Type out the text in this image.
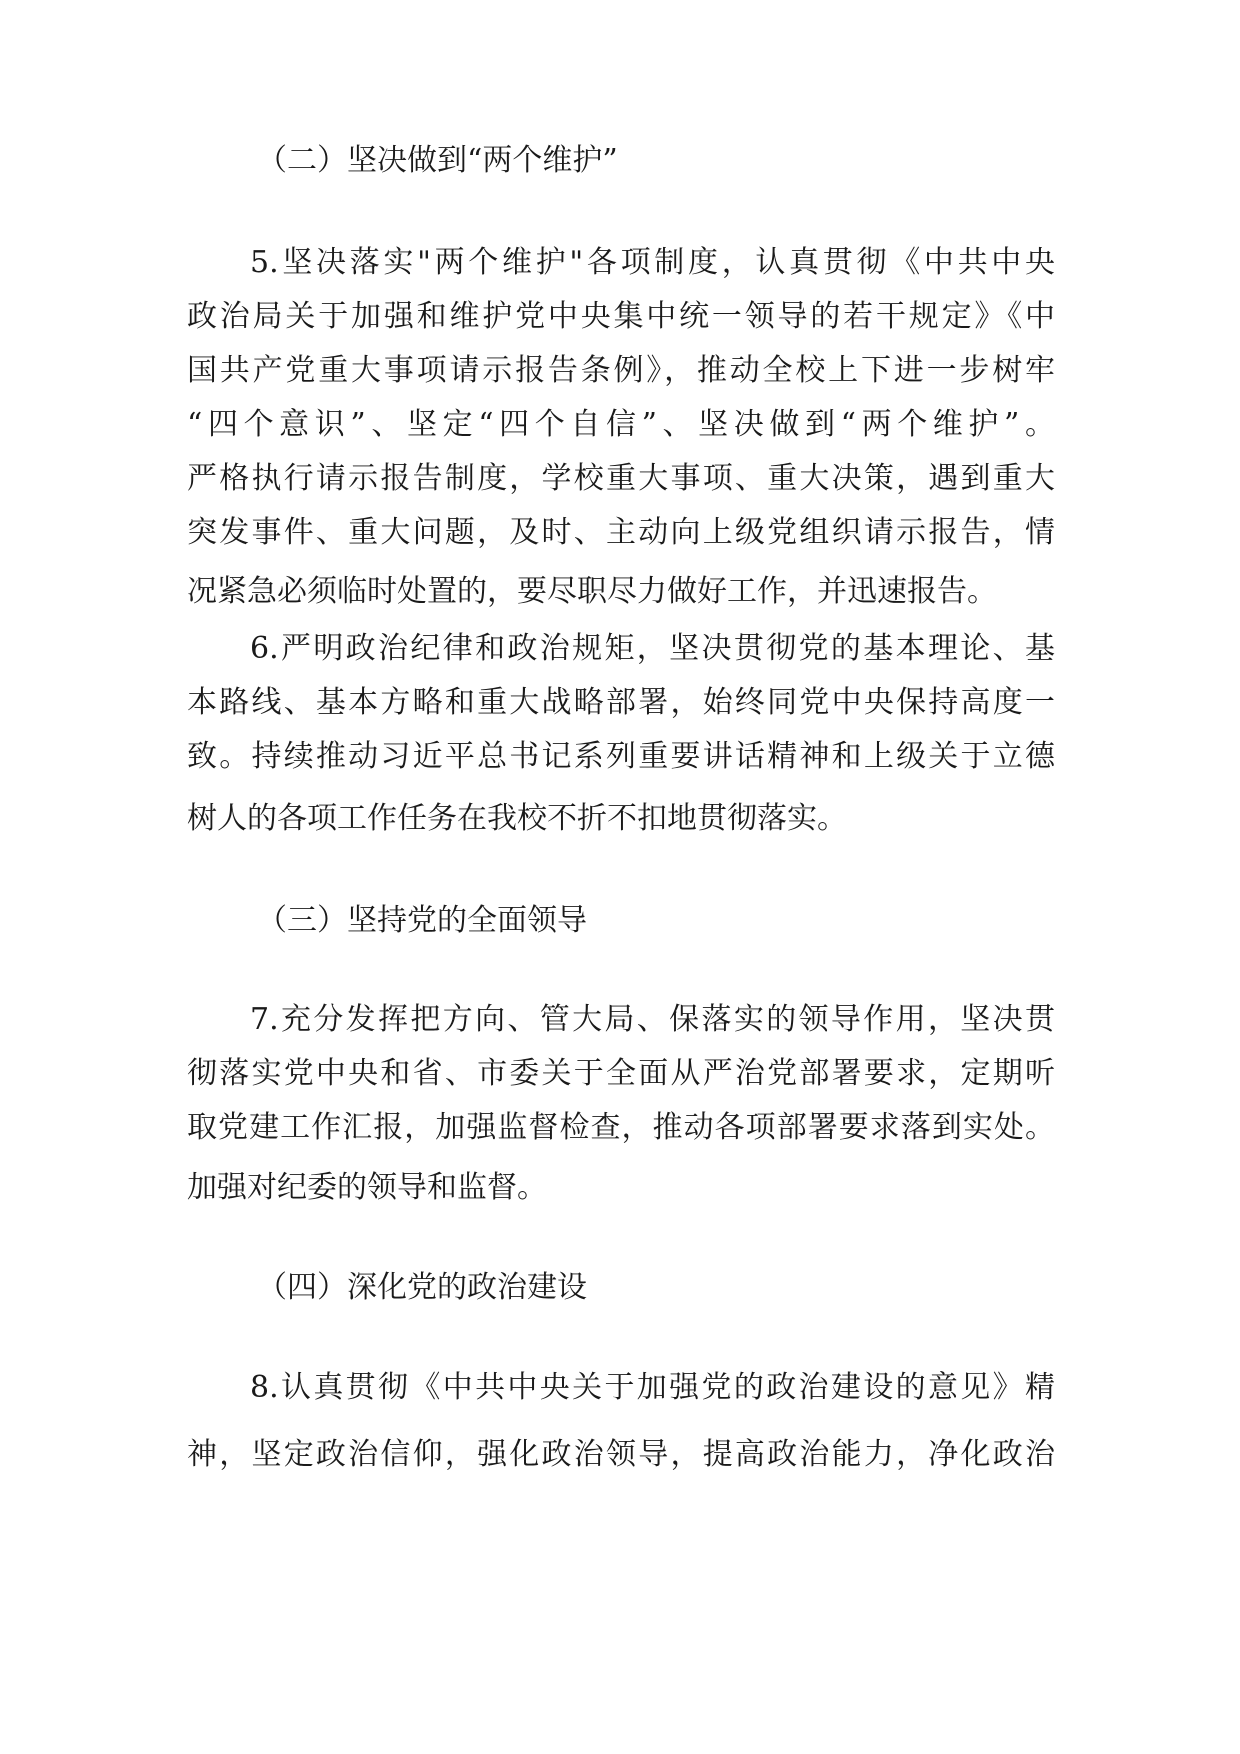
（二）坚决做到“两个维护”
5.坚决落实"两个维护"各项制度，认真贯彻《中共中央
政治局关于加强和维护党中央集中统一领导的若干规定》《中
国共产党重大事项请示报告条例》，推动全校上下进一步树牢
“四个意识”、坚定“四个自信”、坚决做到“两个维护”。
严格执行请示报告制度，学校重大事项、重大决策，遇到重大
突发事件、重大问题，及时、主动向上级党组织请示报告，情
况紧急必须临时处置的，要尽职尽力做好工作，并迅速报告。
6.严明政治纪律和政治规矩，坚决贯彻党的基本理论、基
本路线、基本方略和重大战略部署，始终同党中央保持高度一
致。持续推动习近平总书记系列重要讲话精神和上级关于立德
树人的各项工作任务在我校不折不扣地贯彻落实。
（三）坚持党的全面领导
7.充分发挥把方向、管大局、保落实的领导作用，坚决贯
彻落实党中央和省、市委关于全面从严治党部署要求，定期听
取党建工作汇报，加强监督检查，推动各项部署要求落到实处。
加强对纪委的领导和监督。
（四）深化党的政治建设
8.认真贯彻《中共中央关于加强党的政治建设的意见》精
神，坚定政治信仰，强化政治领导，提高政治能力，净化政治
